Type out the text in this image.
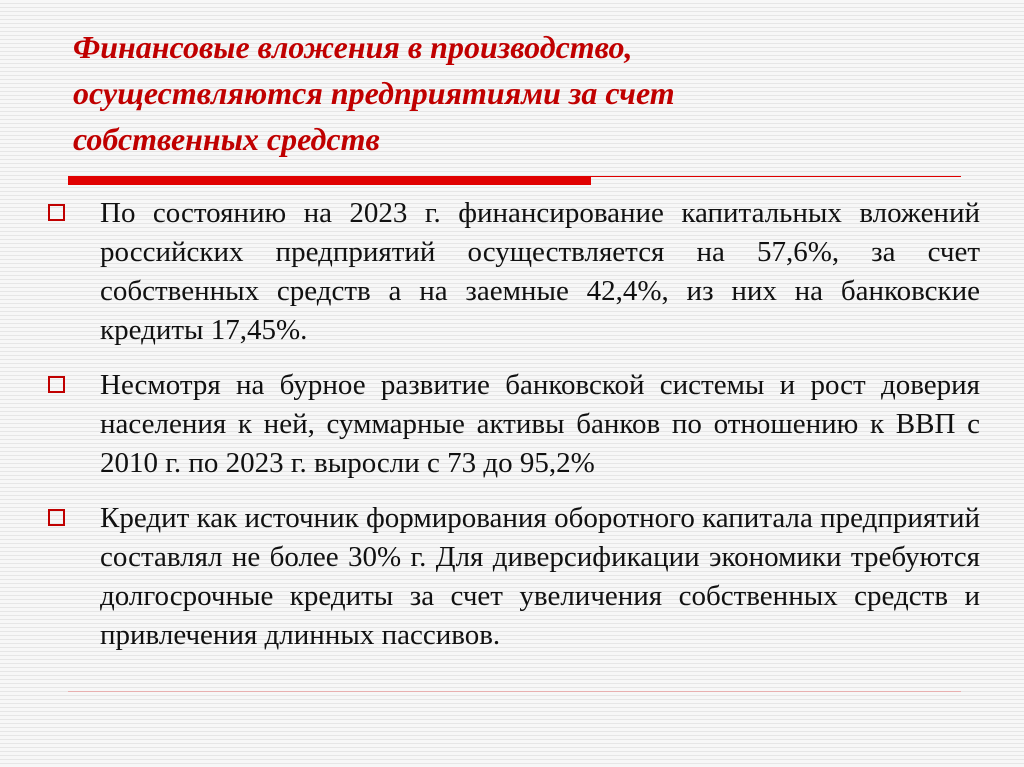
Финансовые вложения в производство,
осуществляются предприятиями за счет
собственных средств
По состоянию на 2023 г. финансирование капитальных вложений российских предприятий осуществляется на 57,6%, за счет собственных средств а на заемные 42,4%, из них на банковские кредиты 17,45%.
Несмотря на бурное развитие банковской системы и рост доверия населения к ней, суммарные активы банков по отношению к ВВП с 2010 г. по 2023 г. выросли с 73 до 95,2%
Кредит как источник формирования оборотного капитала предприятий составлял не более 30% г. Для диверсификации экономики требуются долгосрочные кредиты за счет увеличения собственных средств и привлечения длинных пассивов.
